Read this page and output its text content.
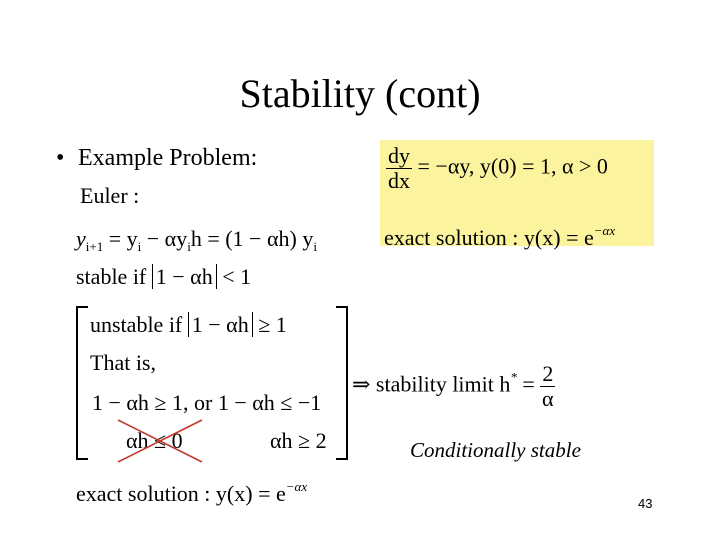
Stability (cont)
• Example Problem:	$\frac{dy}{dx} = -\alpha y$, y(0) = 1, α > 0
exact solution : $y(x) = e^{-\alpha x}$
Euler :
$y_{i+1} = y_i - \alpha y_ih = (1 - \alpha h)$ $y_i$
stable if 1 − αh < 1
unstable if 1 − αh ≥ 1
That is,
1 − αh ≥ 1, or 1 − αh ≤ −1
αh ≤ 0	αh ≥ 2
⇒ stability limit $h^* = \frac{2}{\alpha}$
Conditionally stable
exact solution : $y(x) = e^{-\alpha x}$
43
